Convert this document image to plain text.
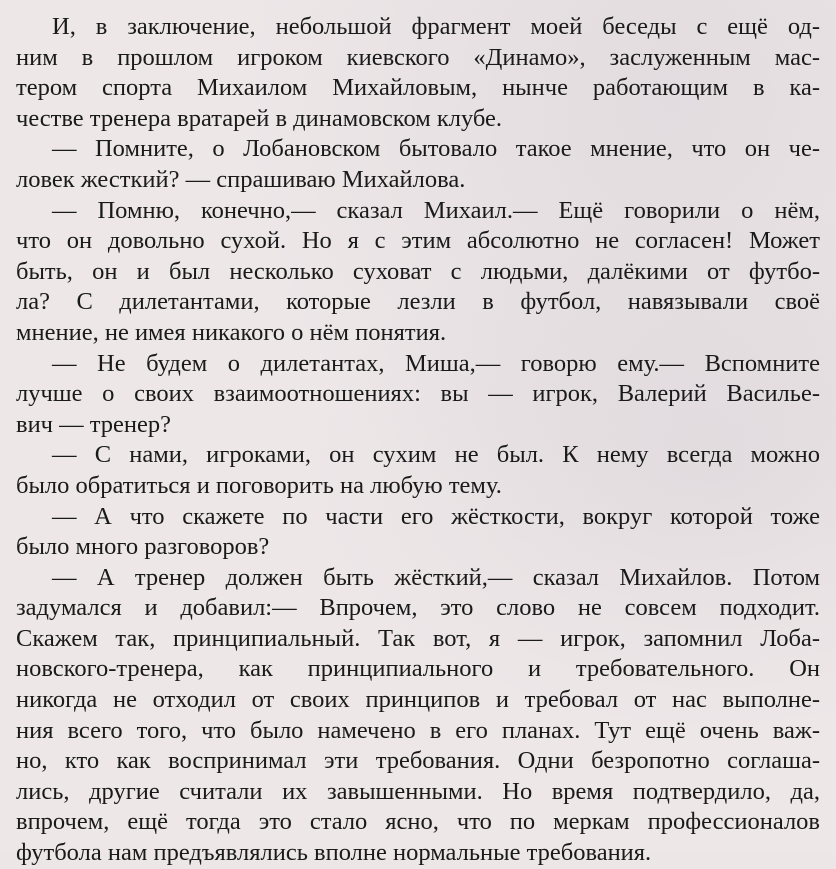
И, в заключение, небольшой фрагмент моей беседы с ещё од-
ним в прошлом игроком киевского «Динамо», заслуженным мас-
тером спорта Михаилом Михайловым, нынче работающим в ка-
честве тренера вратарей в динамовском клубе.
— Помните, о Лобановском бытовало такое мнение, что он че-
ловек жесткий? — спрашиваю Михайлова.
— Помню, конечно,— сказал Михаил.— Ещё говорили о нём,
что он довольно сухой. Но я с этим абсолютно не согласен! Может
быть, он и был несколько суховат с людьми, далёкими от футбо-
ла? С дилетантами, которые лезли в футбол, навязывали своё
мнение, не имея никакого о нём понятия.
— Не будем о дилетантах, Миша,— говорю ему.— Вспомните
лучше о своих взаимоотношениях: вы — игрок, Валерий Василье-
вич — тренер?
— С нами, игроками, он сухим не был. К нему всегда можно
было обратиться и поговорить на любую тему.
— А что скажете по части его жёсткости, вокруг которой тоже
было много разговоров?
— А тренер должен быть жёсткий,— сказал Михайлов. Потом
задумался и добавил:— Впрочем, это слово не совсем подходит.
Скажем так, принципиальный. Так вот, я — игрок, запомнил Лоба-
новского-тренера, как принципиального и требовательного. Он
никогда не отходил от своих принципов и требовал от нас выполне-
ния всего того, что было намечено в его планах. Тут ещё очень важ-
но, кто как воспринимал эти требования. Одни безропотно соглаша-
лись, другие считали их завышенными. Но время подтвердило, да,
впрочем, ещё тогда это стало ясно, что по меркам профессионалов
футбола нам предъявлялись вполне нормальные требования.
